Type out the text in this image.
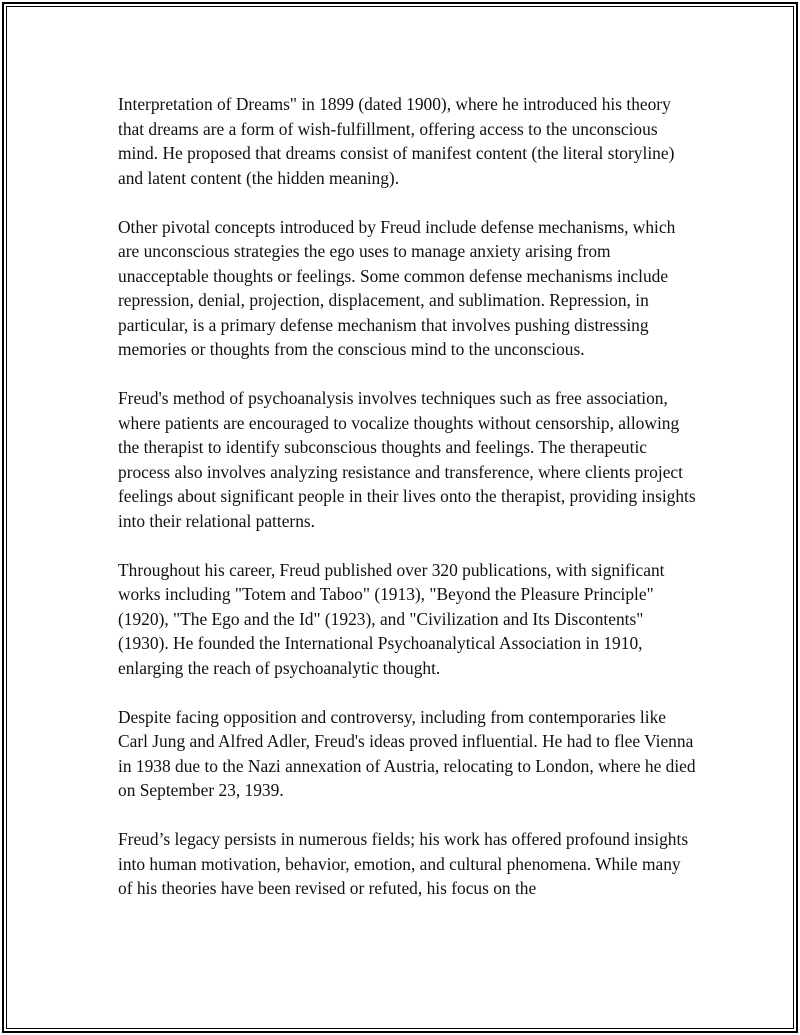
Interpretation of Dreams" in 1899 (dated 1900), where he introduced his theory that dreams are a form of wish-fulfillment, offering access to the unconscious mind. He proposed that dreams consist of manifest content (the literal storyline) and latent content (the hidden meaning).

Other pivotal concepts introduced by Freud include defense mechanisms, which are unconscious strategies the ego uses to manage anxiety arising from unacceptable thoughts or feelings. Some common defense mechanisms include repression, denial, projection, displacement, and sublimation. Repression, in particular, is a primary defense mechanism that involves pushing distressing memories or thoughts from the conscious mind to the unconscious.

Freud's method of psychoanalysis involves techniques such as free association, where patients are encouraged to vocalize thoughts without censorship, allowing the therapist to identify subconscious thoughts and feelings. The therapeutic process also involves analyzing resistance and transference, where clients project feelings about significant people in their lives onto the therapist, providing insights into their relational patterns.

Throughout his career, Freud published over 320 publications, with significant works including "Totem and Taboo" (1913), "Beyond the Pleasure Principle" (1920), "The Ego and the Id" (1923), and "Civilization and Its Discontents" (1930). He founded the International Psychoanalytical Association in 1910, enlarging the reach of psychoanalytic thought.

Despite facing opposition and controversy, including from contemporaries like Carl Jung and Alfred Adler, Freud's ideas proved influential. He had to flee Vienna in 1938 due to the Nazi annexation of Austria, relocating to London, where he died on September 23, 1939.

Freud’s legacy persists in numerous fields; his work has offered profound insights into human motivation, behavior, emotion, and cultural phenomena. While many of his theories have been revised or refuted, his focus on the
